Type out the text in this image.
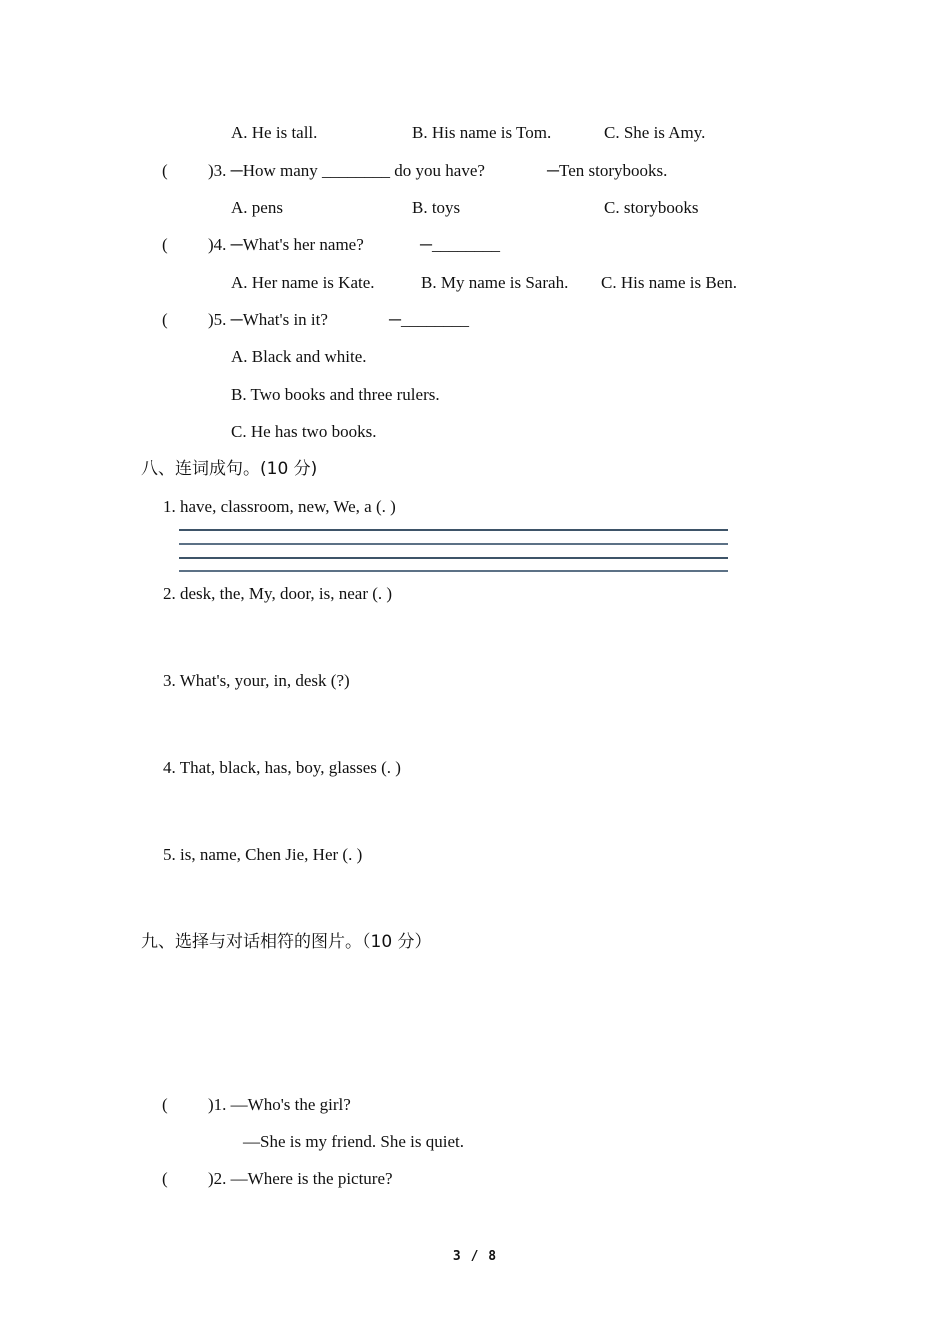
A. He is tall.	B. His name is Tom.	C. She is Amy.
( )3. ─How many ________ do you have?	─Ten storybooks.
A. pens	B. toys	C. storybooks
( )4. ─What's her name?	─________
A. Her name is Kate.	B. My name is Sarah. C. His name is Ben.
( )5. ─What's in it?	─________
A. Black and white.
B. Two books and three rulers.
C. He has two books.
八、连词成句。(10 分)
1. have, classroom, new, We, a (. )
2. desk, the, My, door, is, near (. )
3. What's, your, in, desk (?)
4. That, black, has, boy, glasses (. )
5. is, name, Chen Jie, Her (. )
九、选择与对话相符的图片。（10 分）
( )1. —Who's the girl?
—She is my friend. She is quiet.
( )2. —Where is the picture?
3 / 8
